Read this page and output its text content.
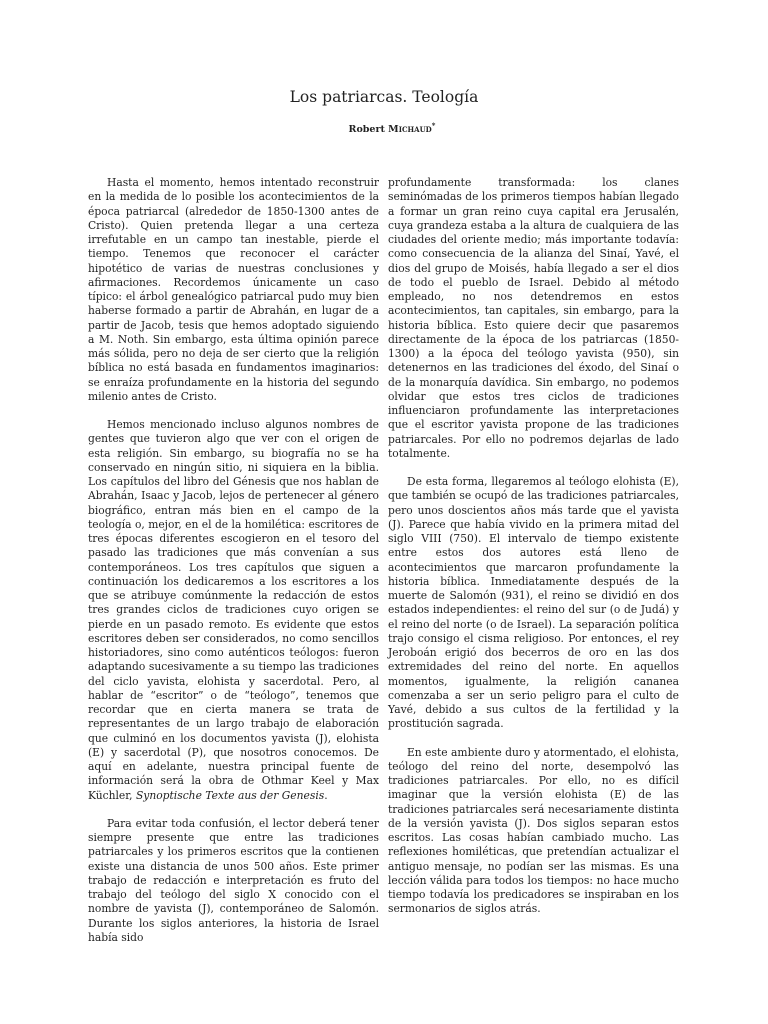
Los patriarcas. Teología
Robert Michaud*

Hasta el momento, hemos intentado reconstruir en la medida de lo posible los acontecimientos de la época patriarcal (alrededor de 1850-1300 antes de Cristo). Quien pretenda llegar a una certeza irrefutable en un campo tan inestable, pierde el tiempo. Tenemos que reconocer el carácter hipotético de varias de nuestras conclusiones y afirmaciones. Recordemos únicamente un caso típico: el árbol genealógico patriarcal pudo muy bien haberse formado a partir de Abrahán, en lugar de a partir de Jacob, tesis que hemos adoptado siguiendo a M. Noth. Sin embargo, esta última opinión parece más sólida, pero no deja de ser cierto que la religión bíblica no está basada en fundamentos imaginarios: se enraíza profundamente en la historia del segundo milenio antes de Cristo.

Hemos mencionado incluso algunos nombres de gentes que tuvieron algo que ver con el origen de esta religión. Sin embargo, su biografía no se ha conservado en ningún sitio, ni siquiera en la biblia. Los capítulos del libro del Génesis que nos hablan de Abrahán, Isaac y Jacob, lejos de pertenecer al género biográfico, entran más bien en el campo de la teología o, mejor, en el de la homilética: escritores de tres épocas diferentes escogieron en el tesoro del pasado las tradiciones que más convenían a sus contemporáneos. Los tres capítulos que siguen a continuación los dedicaremos a los escritores a los que se atribuye comúnmente la redacción de estos tres grandes ciclos de tradiciones cuyo origen se pierde en un pasado remoto. Es evidente que estos escritores deben ser considerados, no como sencillos historiadores, sino como auténticos teólogos: fueron adaptando sucesivamente a su tiempo las tradiciones del ciclo yavista, elohista y sacerdotal. Pero, al hablar de “escritor” o de “teólogo”, tenemos que recordar que en cierta manera se trata de representantes de un largo trabajo de elaboración que culminó en los documentos yavista (J), elohista (E) y sacerdotal (P), que nosotros conocemos. De aquí en adelante, nuestra principal fuente de información será la obra de Othmar Keel y Max Küchler, Synoptische Texte aus der Genesis.

Para evitar toda confusión, el lector deberá tener siempre presente que entre las tradiciones patriarcales y los primeros escritos que la contienen existe una distancia de unos 500 años. Este primer trabajo de redacción e interpretación es fruto del trabajo del teólogo del siglo X conocido con el nombre de yavista (J), contemporáneo de Salomón. Durante los siglos anteriores, la historia de Israel había sido

profundamente transformada: los clanes seminómadas de los primeros tiempos habían llegado a formar un gran reino cuya capital era Jerusalén, cuya grandeza estaba a la altura de cualquiera de las ciudades del oriente medio; más importante todavía: como consecuencia de la alianza del Sinaí, Yavé, el dios del grupo de Moisés, había llegado a ser el dios de todo el pueblo de Israel. Debido al método empleado, no nos detendremos en estos acontecimientos, tan capitales, sin embargo, para la historia bíblica. Esto quiere decir que pasaremos directamente de la época de los patriarcas (1850-1300) a la época del teólogo yavista (950), sin detenernos en las tradiciones del éxodo, del Sinaí o de la monarquía davídica. Sin embargo, no podemos olvidar que estos tres ciclos de tradiciones influenciaron profundamente las interpretaciones que el escritor yavista propone de las tradiciones patriarcales. Por ello no podremos dejarlas de lado totalmente.

De esta forma, llegaremos al teólogo elohista (E), que también se ocupó de las tradiciones patriarcales, pero unos doscientos años más tarde que el yavista (J). Parece que había vivido en la primera mitad del siglo VIII (750). El intervalo de tiempo existente entre estos dos autores está lleno de acontecimientos que marcaron profundamente la historia bíblica. Inmediatamente después de la muerte de Salomón (931), el reino se dividió en dos estados independientes: el reino del sur (o de Judá) y el reino del norte (o de Israel). La separación política trajo consigo el cisma religioso. Por entonces, el rey Jeroboán erigió dos becerros de oro en las dos extremidades del reino del norte. En aquellos momentos, igualmente, la religión cananea comenzaba a ser un serio peligro para el culto de Yavé, debido a sus cultos de la fertilidad y la prostitución sagrada.

En este ambiente duro y atormentado, el elohista, teólogo del reino del norte, desempolvó las tradiciones patriarcales. Por ello, no es difícil imaginar que la versión elohista (E) de las tradiciones patriarcales será necesariamente distinta de la versión yavista (J). Dos siglos separan estos escritos. Las cosas habían cambiado mucho. Las reflexiones homiléticas, que pretendían actualizar el antiguo mensaje, no podían ser las mismas. Es una lección válida para todos los tiempos: no hace mucho tiempo todavía los predicadores se inspiraban en los sermonarios de siglos atrás.
